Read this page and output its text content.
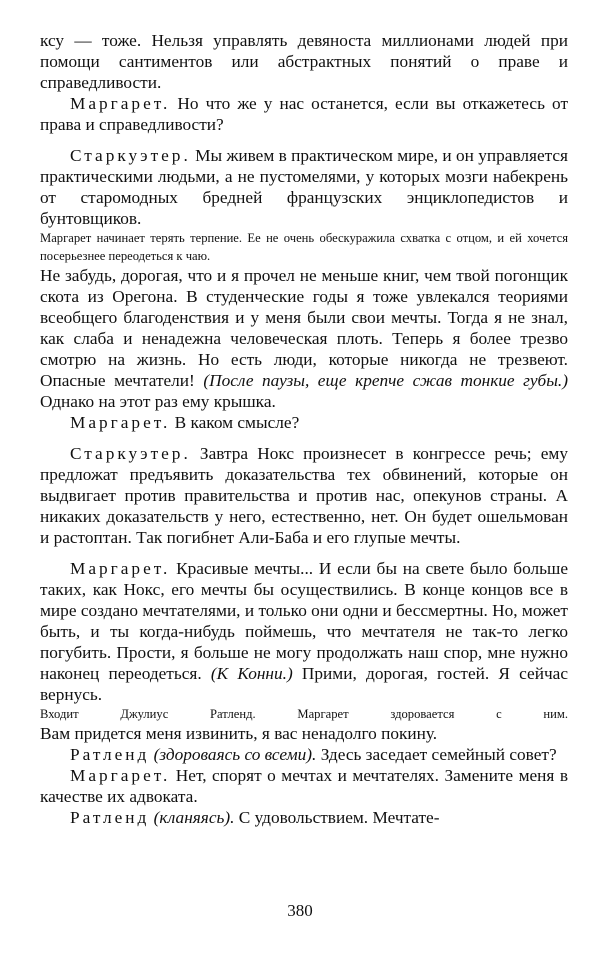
ксу — тоже. Нельзя управлять девяностa миллионами людей при помощи сантиментов или абстрактных понятий о праве и справедливости.

Маргарет. Но что же у нас останется, если вы откажетесь от права и справедливости?

Старкуэтер. Мы живем в практическом мире, и он управляется практическими людьми, а не пустомелями, у которых мозги набекрень от старомодных бредней французских энциклопедистов и бунтовщиков.

Маргарет начинает терять терпение. Ее не очень обескуражила схватка с отцом, и ей хочется посерьезнее переодеться к чаю.

Не забудь, дорогая, что и я прочел не меньше книг, чем твой погонщик скота из Орегона. В студенческие годы я тоже увлекался теориями всеобщего благоденствия и у меня были свои мечты. Тогда я не знал, как слаба и ненадежна человеческая плоть. Теперь я более трезво смотрю на жизнь. Но есть люди, которые никогда не трезвеют. Опасные мечтатели! (После паузы, еще крепче сжав тонкие губы.) Однако на этот раз ему крышка.

Маргарет. В каком смысле?

Старкуэтер. Завтра Нокс произнесет в конгрессе речь; ему предложат предъявить доказательства тех обвинений, которые он выдвигает против правительства и против нас, опекунов страны. А никаких доказательств у него, естественно, нет. Он будет ошельмован и растоптан. Так погибнет Али-Баба и его глупые мечты.

Маргарет. Красивые мечты... И если бы на свете было больше таких, как Нокс, его мечты бы осуществились. В конце концов все в мире создано мечтателями, и только они одни и бессмертны. Но, может быть, и ты когда-нибудь поймешь, что мечтателя не так-то легко погубить. Прости, я больше не могу продолжать наш спор, мне нужно наконец переодеться. (К Конни.) Прими, дорогая, гостей. Я сейчас вернусь.

Входит Джулиус Ратленд. Маргарет здоровается с ним.

Вам придется меня извинить, я вас ненадолго покину.

Ратленд (здороваясь со всеми). Здесь заседает семейный совет?

Маргарет. Нет, спорят о мечтах и мечтателях. Замените меня в качестве их адвоката.

Ратленд (кланяясь). С удовольствием. Мечтате-

380
